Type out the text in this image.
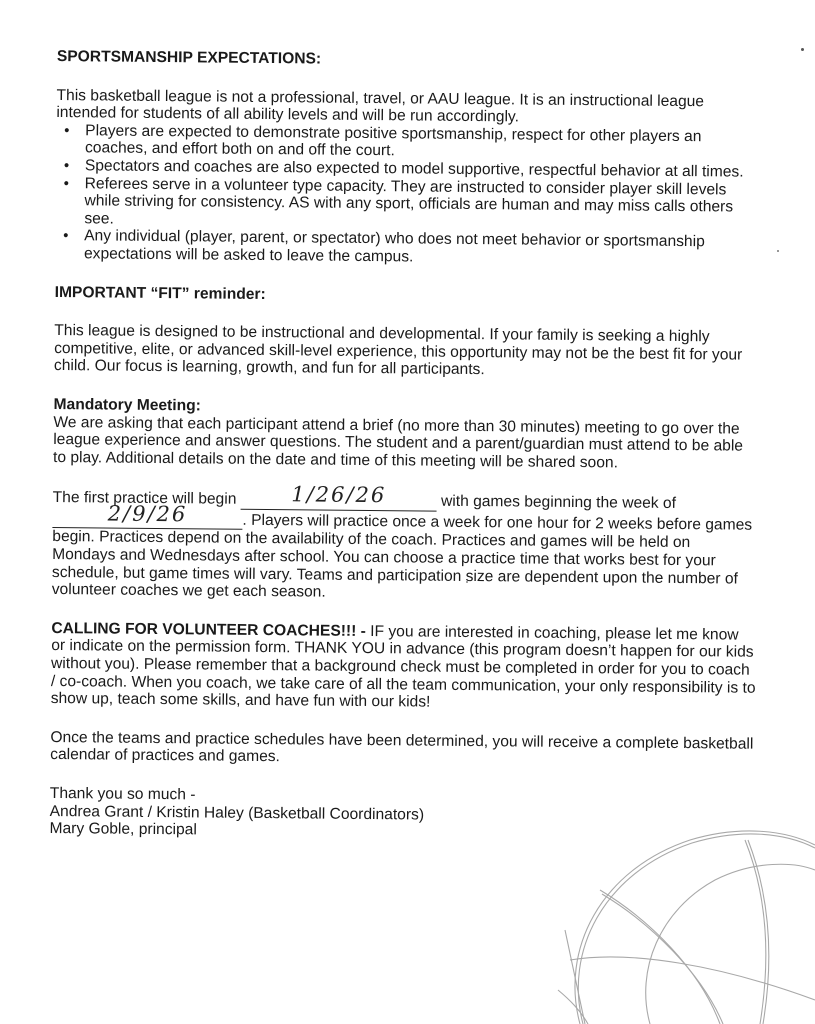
SPORTSMANSHIP EXPECTATIONS:

This basketball league is not a professional, travel, or AAU league. It is an instructional league intended for students of all ability levels and will be run accordingly.

• Players are expected to demonstrate positive sportsmanship, respect for other players an coaches, and effort both on and off the court.
• Spectators and coaches are also expected to model supportive, respectful behavior at all times.
• Referees serve in a volunteer type capacity. They are instructed to consider player skill levels while striving for consistency. AS with any sport, officials are human and may miss calls others see.
• Any individual (player, parent, or spectator) who does not meet behavior or sportsmanship expectations will be asked to leave the campus.

IMPORTANT “FIT” reminder:

This league is designed to be instructional and developmental. If your family is seeking a highly competitive, elite, or advanced skill-level experience, this opportunity may not be the best fit for your child. Our focus is learning, growth, and fun for all participants.

Mandatory Meeting:

We are asking that each participant attend a brief (no more than 30 minutes) meeting to go over the league experience and answer questions. The student and a parent/guardian must attend to be able to play. Additional details on the date and time of this meeting will be shared soon.

The first practice will begin 1/26/26	with games beginning the week of 2/9/26	. Players will practice once a week for one hour for 2 weeks before games begin. Practices depend on the availability of the coach. Practices and games will be held on Mondays and Wednesdays after school. You can choose a practice time that works best for your schedule, but game times will vary. Teams and participation size are dependent upon the number of volunteer coaches we get each season.

CALLING FOR VOLUNTEER COACHES!!! - IF you are interested in coaching, please let me know or indicate on the permission form. THANK YOU in advance (this program doesn’t happen for our kids without you). Please remember that a background check must be completed in order for you to coach / co-coach. When you coach, we take care of all the team communication, your only responsibility is to show up, teach some skills, and have fun with our kids!

Once the teams and practice schedules have been determined, you will receive a complete basketball calendar of practices and games.

Thank you so much -

Andrea Grant / Kristin Haley (Basketball Coordinators)

Mary Goble, principal
